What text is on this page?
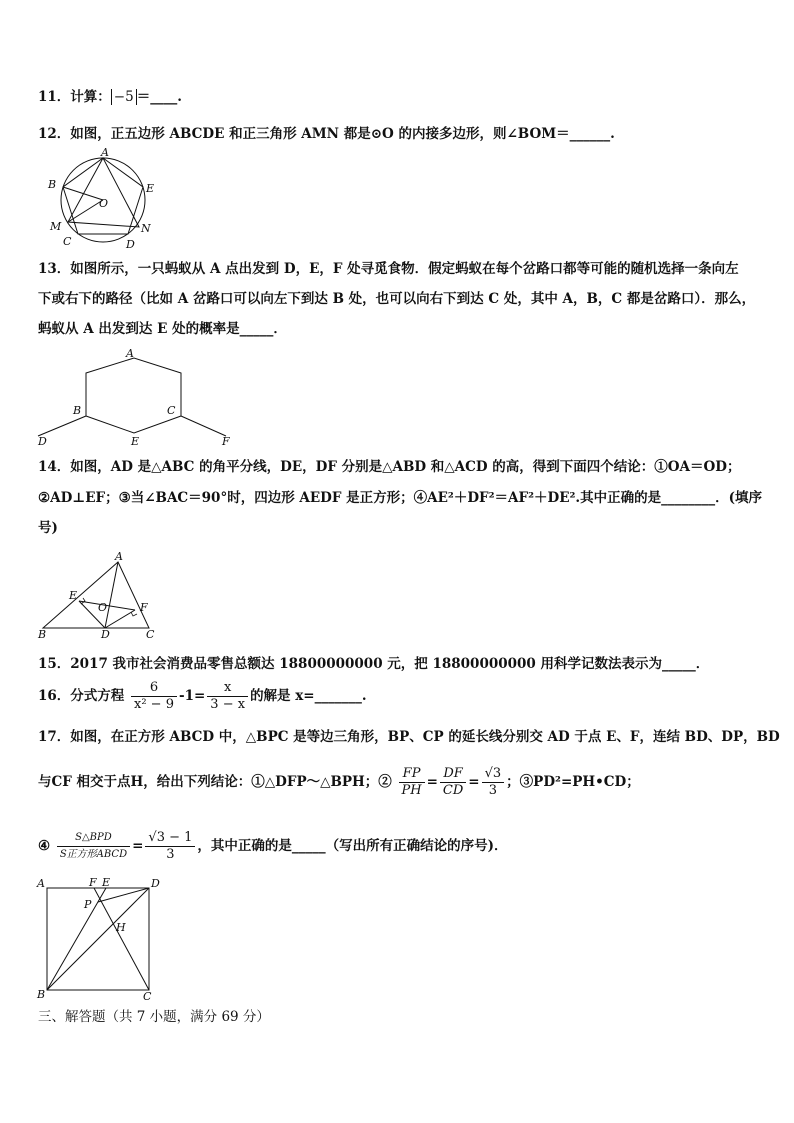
11．计算： −5 ＝____.
12．如图，正五边形 ABCDE 和正三角形 AMN 都是⊙O 的内接多边形，则∠BOM＝______.
A
B	E
O
M	N
C	D
13．如图所示，一只蚂蚁从 A 点出发到 D，E，F 处寻觅食物．假定蚂蚁在每个岔路口都等可能的随机选择一条向左
下或右下的路径（比如 A 岔路口可以向左下到达 B 处，也可以向右下到达 C 处，其中 A，B，C 都是岔路口）．那么，
蚂蚁从 A 出发到达 E 处的概率是_____．
A
B	C
D	E	F
14．如图，AD 是△ABC 的角平分线，DE，DF 分别是△ABD 和△ACD 的高，得到下面四个结论：①OA＝OD；
②AD⊥EF；③当∠BAC＝90°时，四边形 AEDF 是正方形；④AE²＋DF²＝AF²＋DE².其中正确的是________．(填序
号)
A
E
F
O
B	D	C
15．2017 我市社会消费品零售总额达 18800000000 元，把 18800000000 用科学记数法表示为_____．
16．分式方程 $\frac{6}{\text{x² − 9}} -1= \frac{x}{3 - x}$ 的解是 x=_______.
17．如图，在正方形 ABCD 中，△BPC 是等边三角形，BP、CP 的延长线分别交 AD 于点 E、F，连结 BD、DP，BD
与CF 相交于点H，给出下列结论：①△DFP～△BPH；② $\frac{FP}{PH} = \frac{DF}{CD} = \frac{√3}{3}$ ；③PD²=PH•CD；
④ $\frac{\text{S△BPD}}{\text{S正方形ABCD}} = \frac{√3 - 1}{3}$ ，其中正确的是_____（写出所有正确结论的序号)．
A	F E	D
P
H
B	C
三、解答题（共 7 小题，满分 69 分）
